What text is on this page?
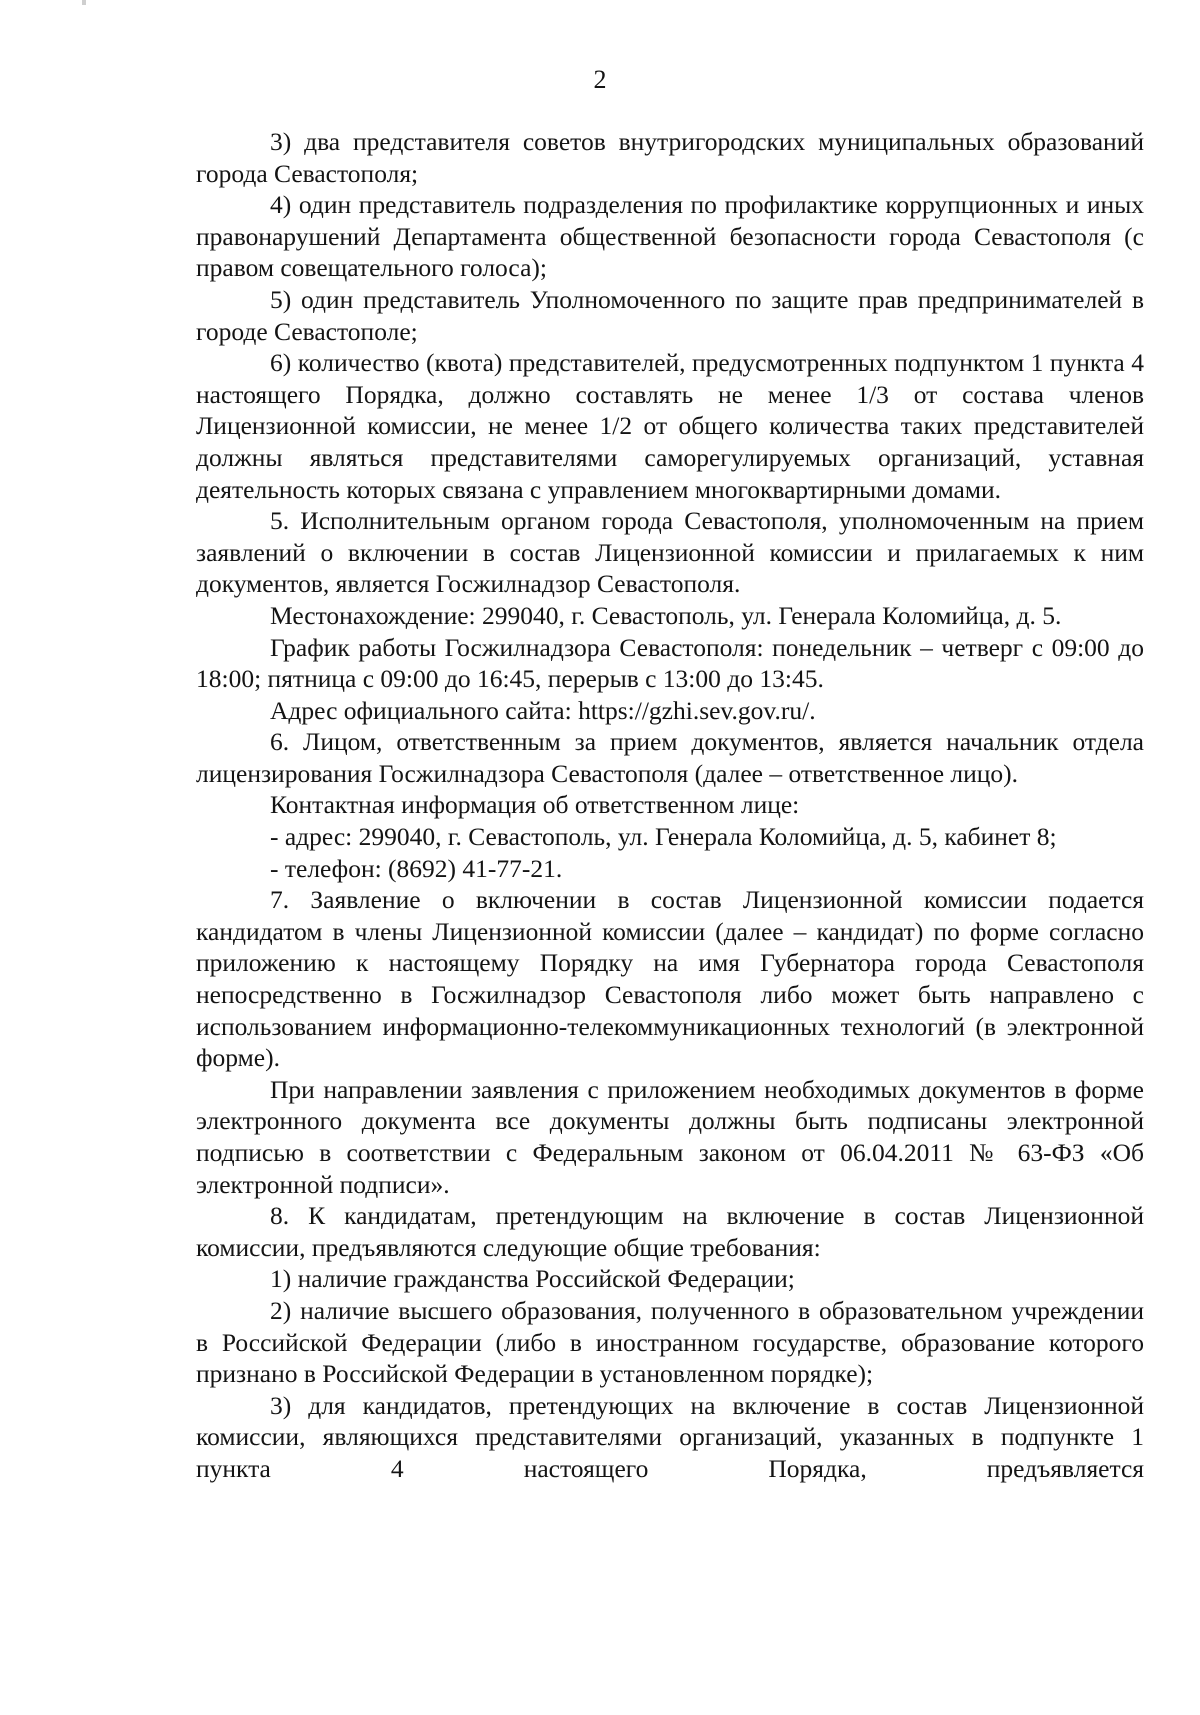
2

3) два представителя советов внутригородских муниципальных образований города Севастополя;

4) один представитель подразделения по профилактике коррупционных и иных правонарушений Департамента общественной безопасности города Севастополя (с правом совещательного голоса);

5) один представитель Уполномоченного по защите прав предпринимателей в городе Севастополе;

6) количество (квота) представителей, предусмотренных подпунктом 1 пункта 4 настоящего Порядка, должно составлять не менее 1/3 от состава членов Лицензионной комиссии, не менее 1/2 от общего количества таких представителей должны являться представителями саморегулируемых организаций, уставная деятельность которых связана с управлением многоквартирными домами.

5. Исполнительным органом города Севастополя, уполномоченным на прием заявлений о включении в состав Лицензионной комиссии и прилагаемых к ним документов, является Госжилнадзор Севастополя.

Местонахождение: 299040, г. Севастополь, ул. Генерала Коломийца, д. 5.

График работы Госжилнадзора Севастополя: понедельник – четверг с 09:00 до 18:00; пятница с 09:00 до 16:45, перерыв с 13:00 до 13:45.

Адрес официального сайта: https://gzhi.sev.gov.ru/.

6. Лицом, ответственным за прием документов, является начальник отдела лицензирования Госжилнадзора Севастополя (далее – ответственное лицо).

Контактная информация об ответственном лице:

- адрес: 299040, г. Севастополь, ул. Генерала Коломийца, д. 5, кабинет 8;

- телефон: (8692) 41-77-21.

7. Заявление о включении в состав Лицензионной комиссии подается кандидатом в члены Лицензионной комиссии (далее – кандидат) по форме согласно приложению к настоящему Порядку на имя Губернатора города Севастополя непосредственно в Госжилнадзор Севастополя либо может быть направлено с использованием информационно-телекоммуникационных технологий (в электронной форме).

При направлении заявления с приложением необходимых документов в форме электронного документа все документы должны быть подписаны электронной подписью в соответствии с Федеральным законом от 06.04.2011 № 63-ФЗ «Об электронной подписи».

8. К кандидатам, претендующим на включение в состав Лицензионной комиссии, предъявляются следующие общие требования:

1) наличие гражданства Российской Федерации;

2) наличие высшего образования, полученного в образовательном учреждении в Российской Федерации (либо в иностранном государстве, образование которого признано в Российской Федерации в установленном порядке);

3) для кандидатов, претендующих на включение в состав Лицензионной комиссии, являющихся представителями организаций, указанных в подпункте 1 пункта 4 настоящего Порядка, предъявляется
